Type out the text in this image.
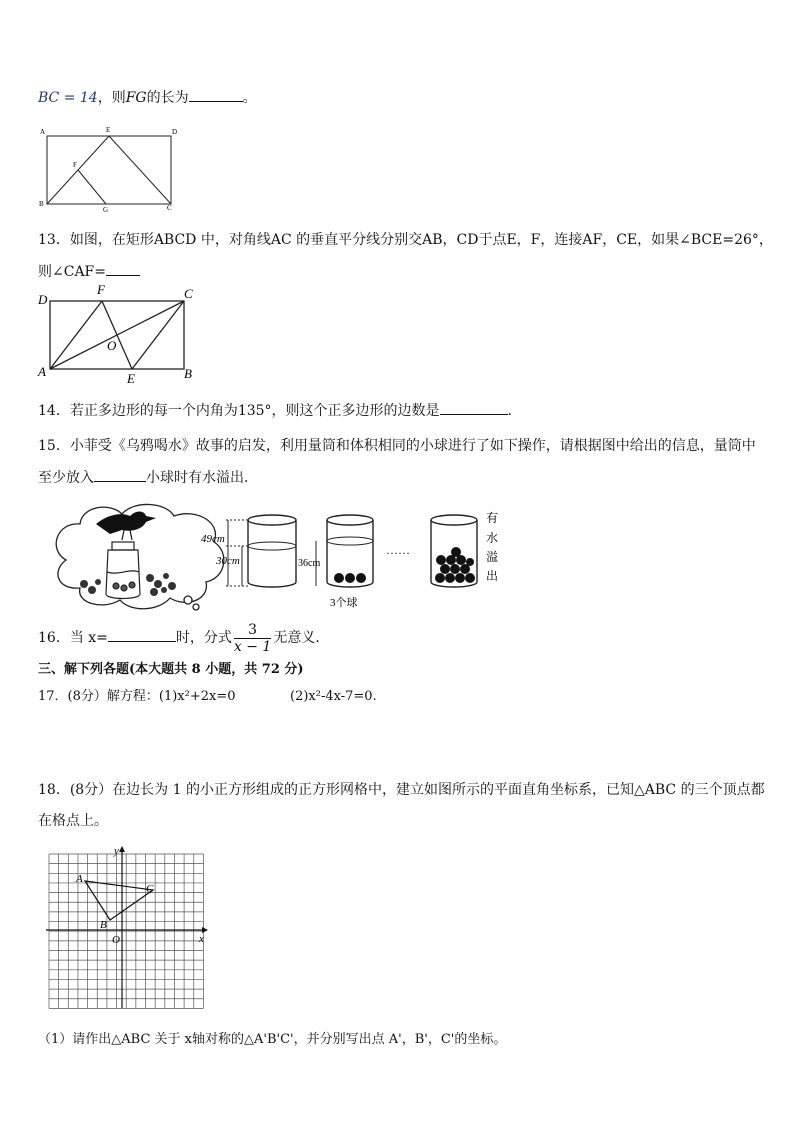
BC = 14，则FG的长为	。
A	E	D
F
B
G	C
13．如图，在矩形ABCD 中，对角线AC 的垂直平分线分别交AB，CD于点E，F，连接AF，CE，如果∠BCE=26°，
则∠CAF=
D
F	C
O
A	E	B
14．若正多边形的每一个内角为135°，则这个正多边形的边数是	.
15．小菲受《乌鸦喝水》故事的启发，利用量筒和体积相同的小球进行了如下操作，请根据图中给出的信息，量筒中
至少放入	小球时有水溢出．
49cm
30cm	36cm
3个球
……
有
水
溢
出
16．当 x=	时，分式 $\frac{3}{x - 1}$ 无意义．
三、解下列各题(本大题共 8 小题，共 72 分)
17．(8分）解方程：(1)x²+2x=0	(2)x²-4x-7=0.
18．(8分）在边长为 1 的小正方形组成的正方形网格中，建立如图所示的平面直角坐标系，已知△ABC 的三个顶点都
在格点上。
y
x
O
A
B
C
（1）请作出△ABC 关于 x轴对称的△A'B'C'，并分别写出点 A'，B'，C'的坐标。
